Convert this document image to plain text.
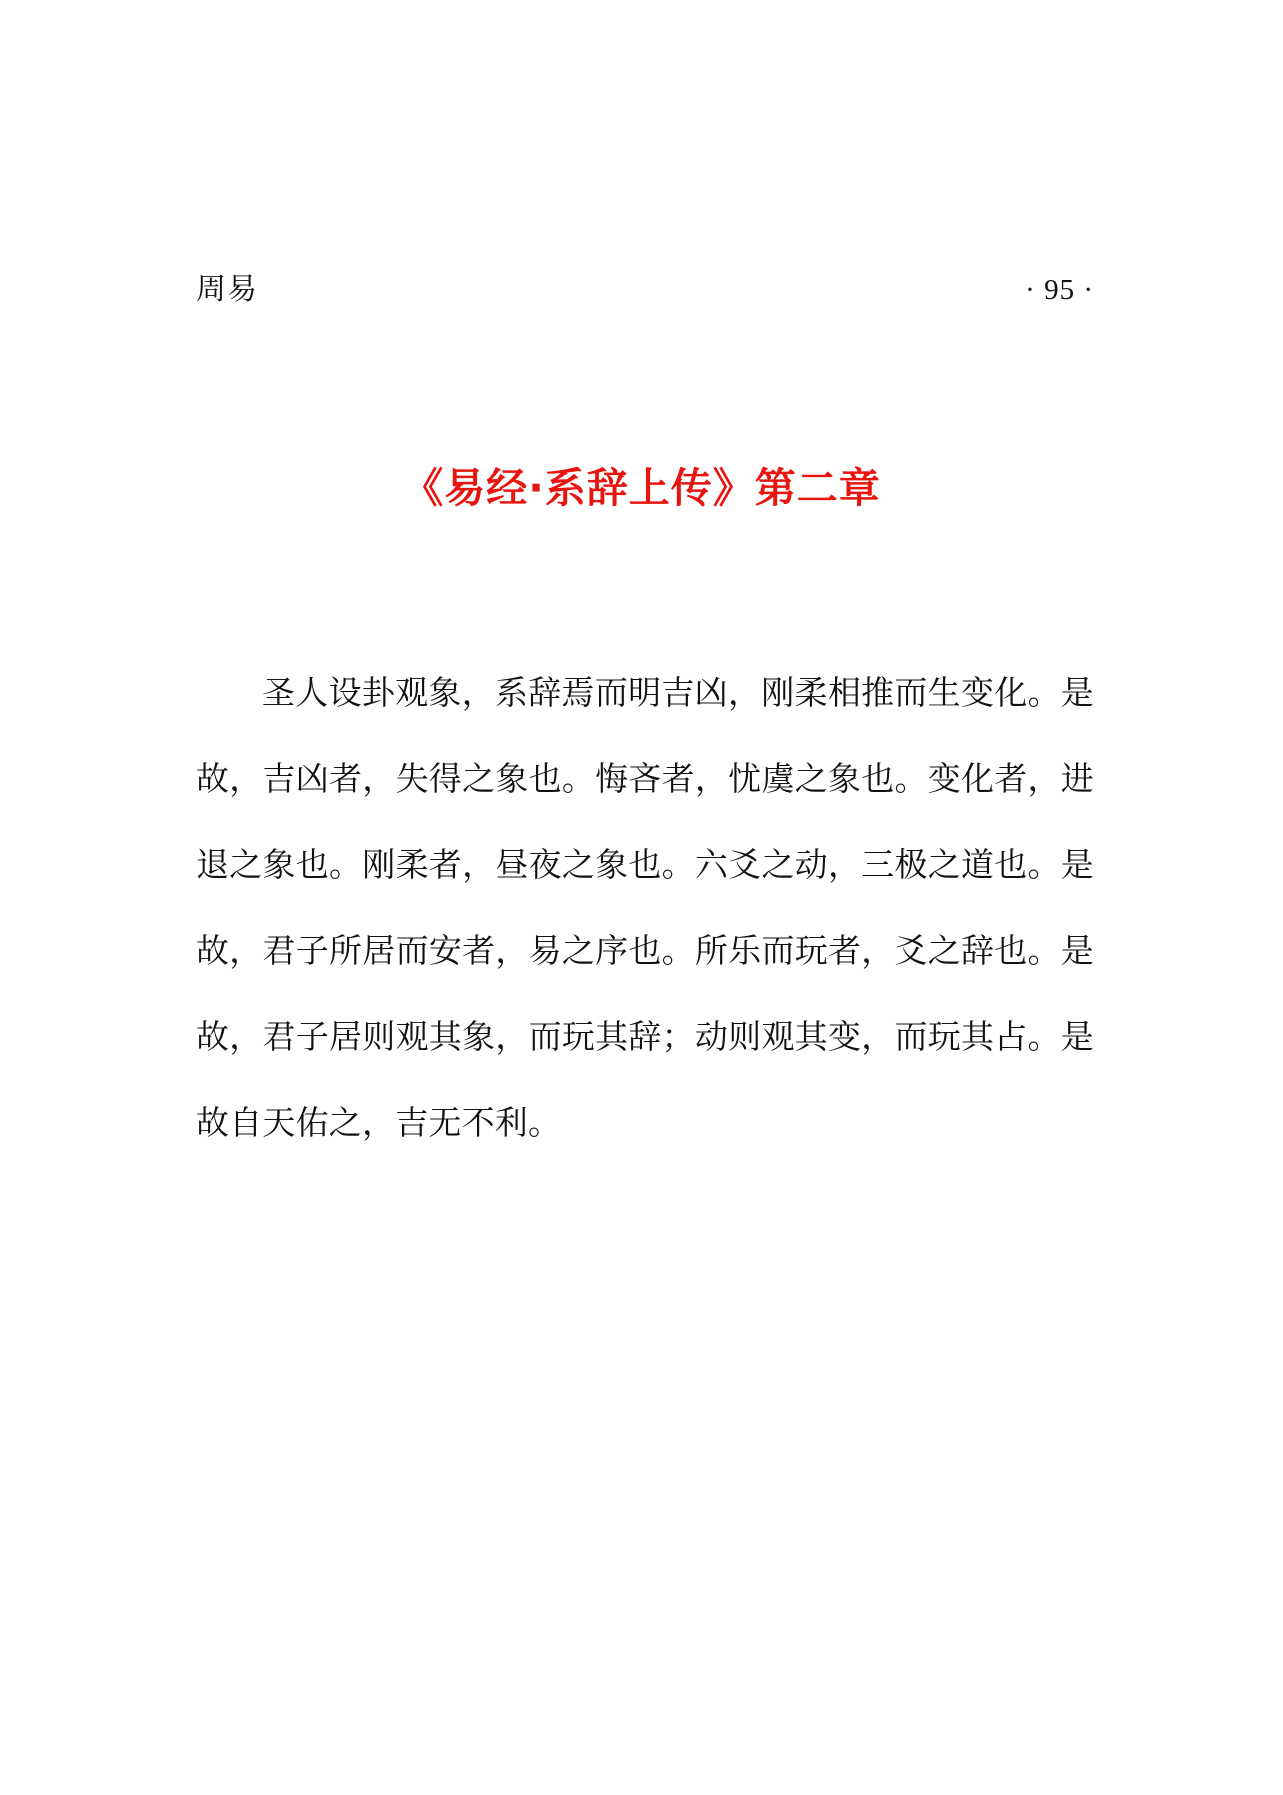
周易	· 95 ·
《易经·系辞上传》第二章

圣人设卦观象，系辞焉而明吉凶，刚柔相推而生变化。是故，吉凶者，失得之象也。悔吝者，忧虞之象也。变化者，进退之象也。刚柔者，昼夜之象也。六爻之动，三极之道也。是故，君子所居而安者，易之序也。所乐而玩者，爻之辞也。是故，君子居则观其象，而玩其辞；动则观其变，而玩其占。是故自天佑之，吉无不利。
